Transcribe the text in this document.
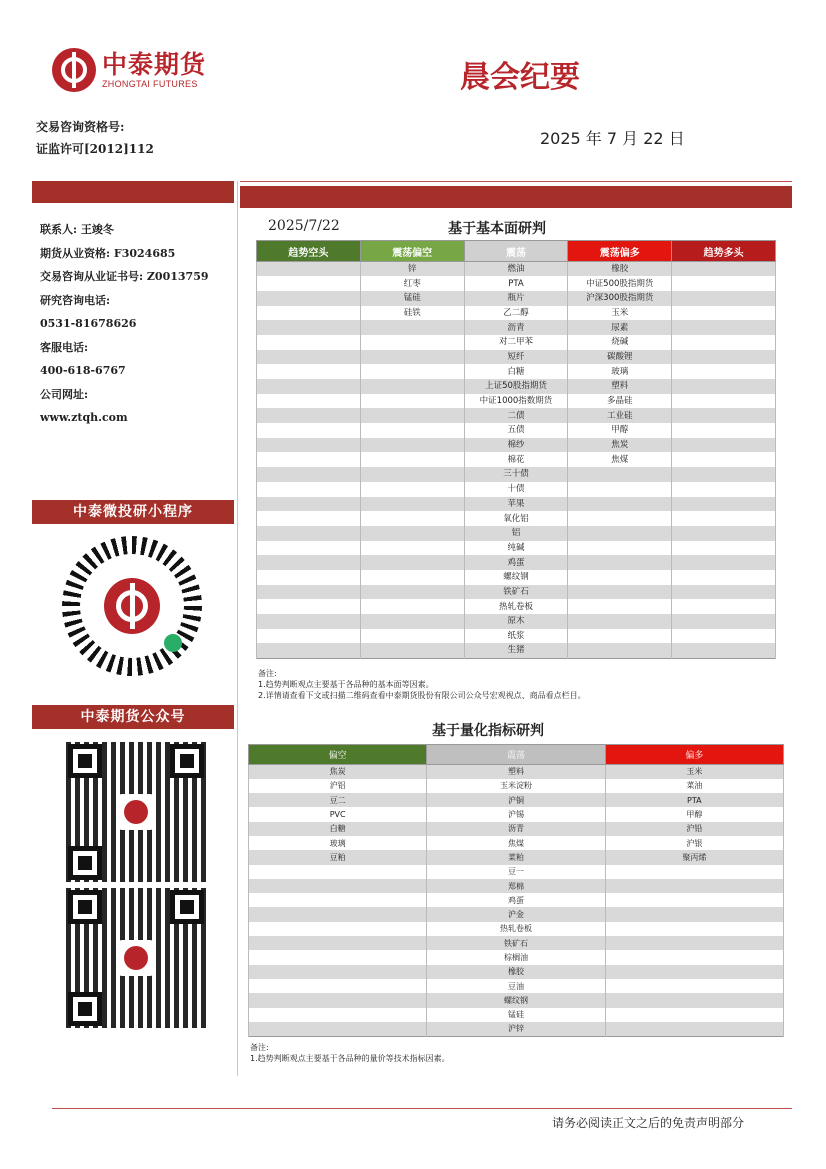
中泰期货
ZHONGTAI FUTURES	晨会纪要
交易咨询资格号:
证监许可[2012]112
2025 年 7 月 22 日
联系人: 王竣冬
期货从业资格: F3024685
交易咨询从业证书号: Z0013759
研究咨询电话:
0531-81678626
客服电话:
400-618-6767
公司网址:
www.ztqh.com
中泰微投研小程序
中泰期货公众号
2025/7/22	基于基本面研判
趋势空头	震荡偏空	震荡	震荡偏多	趋势多头
	锌	燃油	橡胶	
	红枣	PTA	中证500股指期货	
	锰硅	瓶片	沪深300股指期货	
	硅铁	乙二醇	玉米	
		沥青	尿素	
		对二甲苯	烧碱	
		短纤	碳酸锂	
		白糖	玻璃	
		上证50股指期货	塑料	
		中证1000指数期货	多晶硅	
		二债	工业硅	
		五债	甲醇	
		棉纱	焦炭	
		棉花	焦煤	
		三十债		
		十债		
		苹果		
		氧化铝		
		铝		
		纯碱		
		鸡蛋		
		螺纹钢		
		铁矿石		
		热轧卷板		
		原木		
		纸浆		
		生猪		
备注:
1.趋势判断观点主要基于各品种的基本面等因素。
2.详情请查看下文或扫描二维码查看中泰期货股份有限公司公众号宏观视点、商品看点栏目。
基于量化指标研判
偏空	震荡	偏多
焦炭	塑料	玉米
沪铝	玉米淀粉	菜油
豆二	沪铜	PTA
PVC	沪锡	甲醇
白糖	沥青	沪铅
玻璃	焦煤	沪银
豆粕	菜粕	聚丙烯
	豆一	
	郑棉	
	鸡蛋	
	沪金	
	热轧卷板	
	铁矿石	
	棕榈油	
	橡胶	
	豆油	
	螺纹钢	
	锰硅	
	沪锌	
备注:
1.趋势判断观点主要基于各品种的量价等技术指标因素。
请务必阅读正文之后的免责声明部分
